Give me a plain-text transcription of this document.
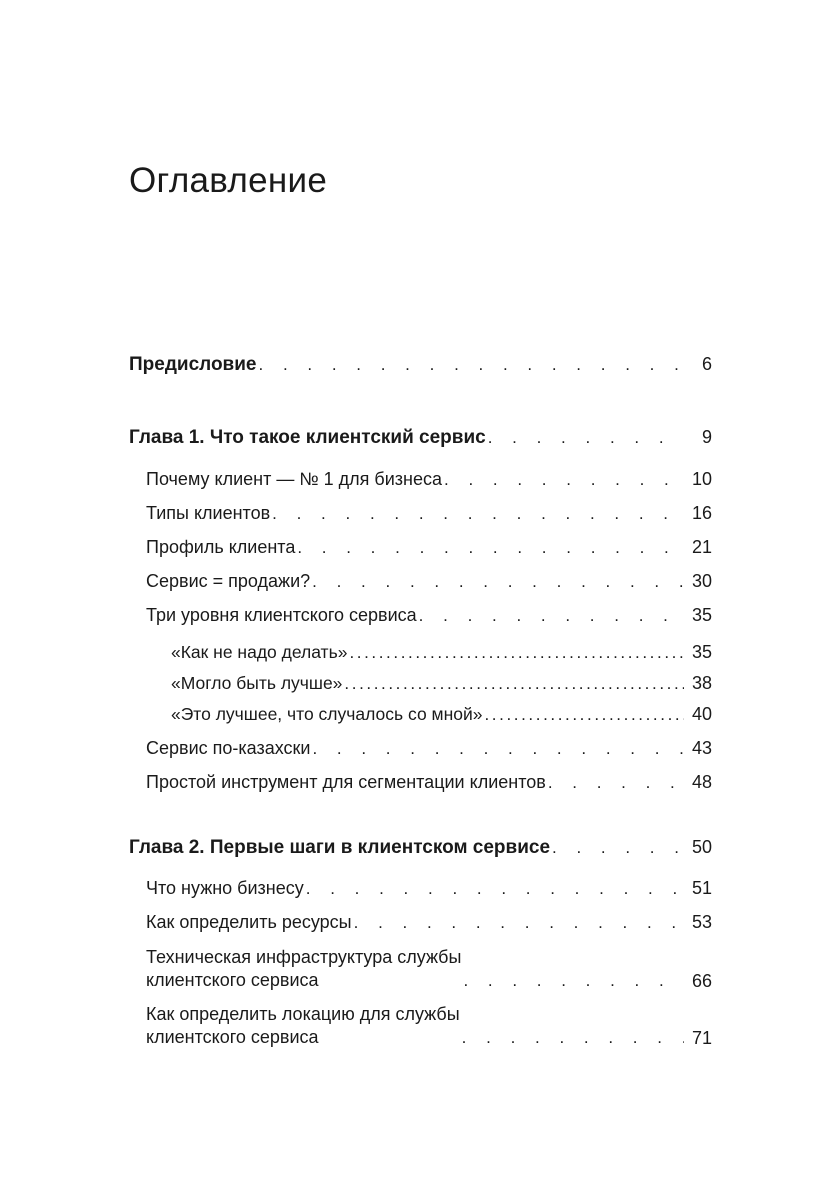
Оглавление
Предисловие . . .	6
Глава 1. Что такое клиентский сервис . . .	9
Почему клиент — № 1 для бизнеса . . .	10
Типы клиентов . . .	16
Профиль клиента . . .	21
Сервис = продажи? . . .	30
Три уровня клиентского сервиса . . .	35
«Как не надо делать» .....	35
«Могло быть лучше» .....	38
«Это лучшее, что случалось со мной» .....	40
Сервис по-казахски . . .	43
Простой инструмент для сегментации клиентов . . .	48
Глава 2. Первые шаги в клиентском сервисе . . .	50
Что нужно бизнесу . . .	51
Как определить ресурсы . . .	53
Техническая инфраструктура службы
клиентского сервиса . . .	66
Как определить локацию для службы
клиентского сервиса . . .	71
